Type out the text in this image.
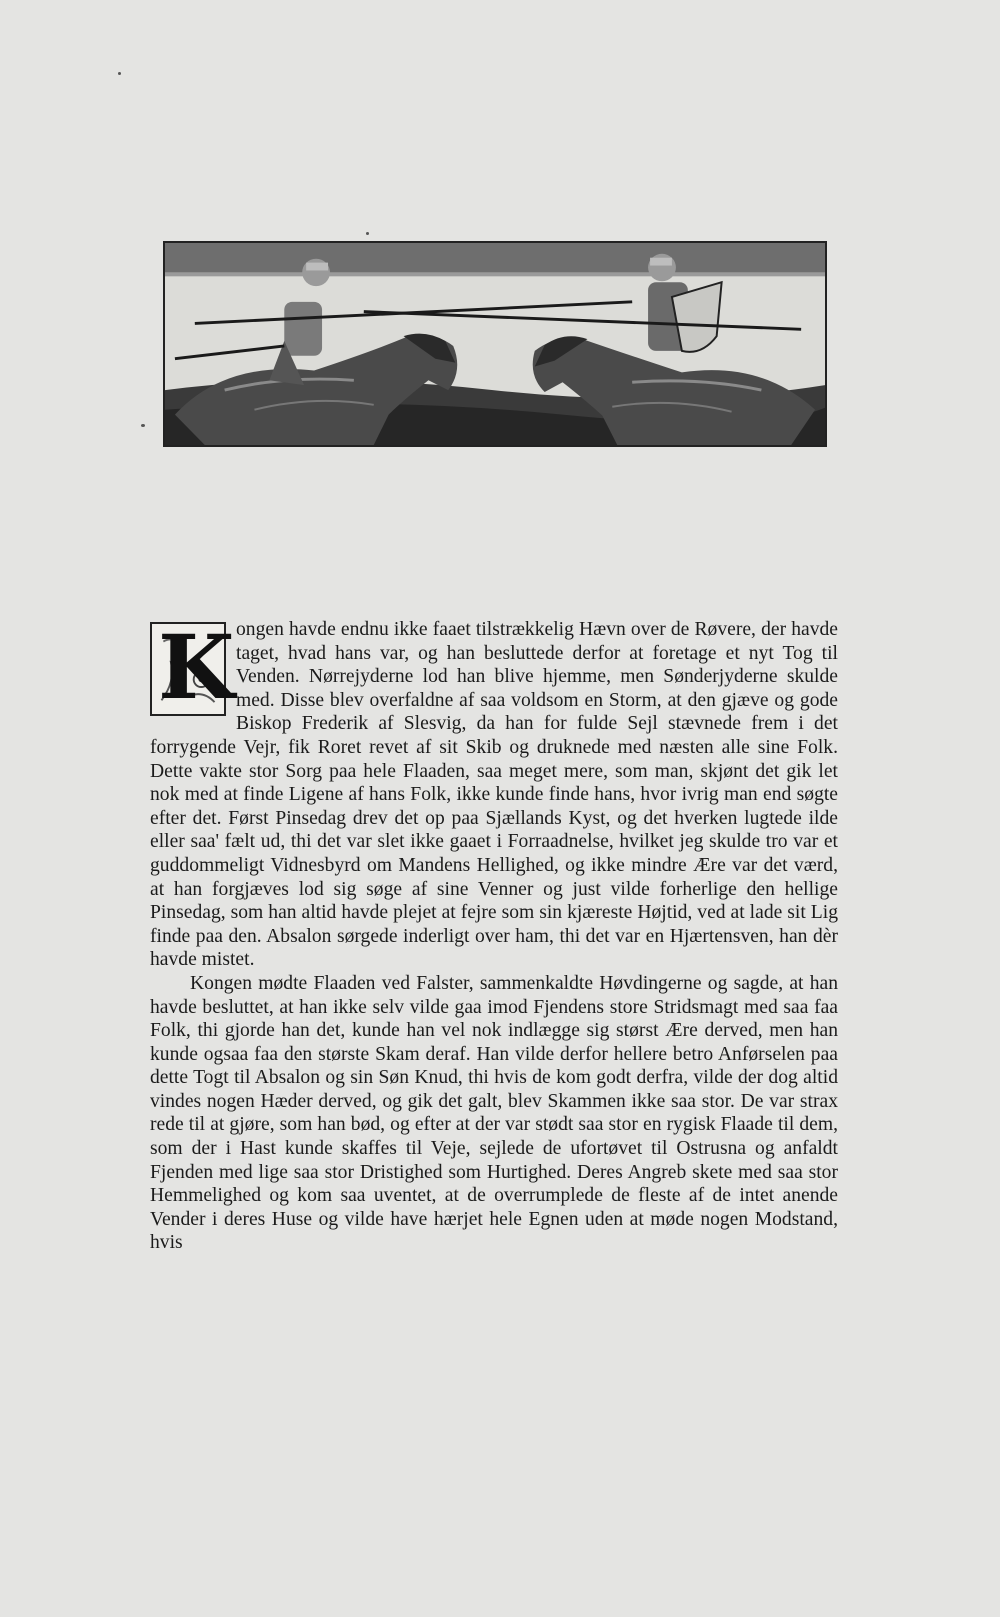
K ongen havde endnu ikke faaet tilstrækkelig Hævn over de Røvere, der havde taget, hvad hans var, og han besluttede derfor at foretage et nyt Tog til Venden. Nørrejyderne lod han blive hjemme, men Sønderjyderne skulde med. Disse blev overfaldne af saa voldsom en Storm, at den gjæve og gode Biskop Frederik af Slesvig, da han for fulde Sejl stævnede frem i det forrygende Vejr, fik Roret revet af sit Skib og druknede med næsten alle sine Folk. Dette vakte stor Sorg paa hele Flaaden, saa meget mere, som man, skjønt det gik let nok med at finde Ligene af hans Folk, ikke kunde finde hans, hvor ivrig man end søgte efter det. Først Pinsedag drev det op paa Sjællands Kyst, og det hverken lugtede ilde eller saa' fælt ud, thi det var slet ikke gaaet i Forraadnelse, hvilket jeg skulde tro var et guddommeligt Vidnesbyrd om Mandens Hellighed, og ikke mindre Ære var det værd, at han forgjæves lod sig søge af sine Venner og just vilde forherlige den hellige Pinsedag, som han altid havde plejet at fejre som sin kjæreste Højtid, ved at lade sit Lig finde paa den. Absalon sørgede inderligt over ham, thi det var en Hjærtensven, han dèr havde mistet.

Kongen mødte Flaaden ved Falster, sammenkaldte Høvdingerne og sagde, at han havde besluttet, at han ikke selv vilde gaa imod Fjendens store Stridsmagt med saa faa Folk, thi gjorde han det, kunde han vel nok indlægge sig størst Ære derved, men han kunde ogsaa faa den største Skam deraf. Han vilde derfor hellere betro Anførselen paa dette Togt til Absalon og sin Søn Knud, thi hvis de kom godt derfra, vilde der dog altid vindes nogen Hæder derved, og gik det galt, blev Skammen ikke saa stor. De var strax rede til at gjøre, som han bød, og efter at der var stødt saa stor en rygisk Flaade til dem, som der i Hast kunde skaffes til Veje, sejlede de ufortøvet til Ostrusna og anfaldt Fjenden med lige saa stor Dristighed som Hurtighed. Deres Angreb skete med saa stor Hemmelighed og kom saa uventet, at de overrumplede de fleste af de intet anende Vender i deres Huse og vilde have hærjet hele Egnen uden at møde nogen Modstand, hvis
